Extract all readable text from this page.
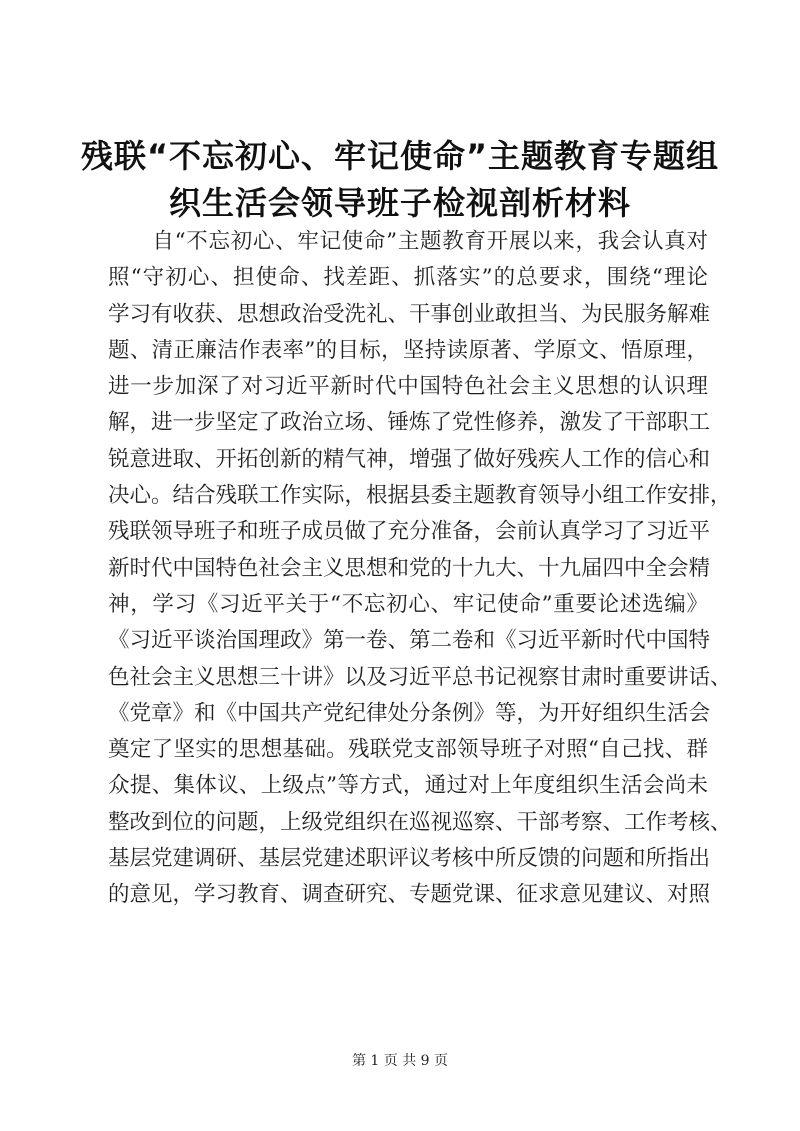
残联“不忘初心、牢记使命”主题教育专题组
织生活会领导班子检视剖析材料
　　自“不忘初心、牢记使命”主题教育开展以来，我会认真对
照“守初心、担使命、找差距、抓落实”的总要求，围绕“理论
学习有收获、思想政治受洗礼、干事创业敢担当、为民服务解难
题、清正廉洁作表率”的目标，坚持读原著、学原文、悟原理，
进一步加深了对习近平新时代中国特色社会主义思想的认识理
解，进一步坚定了政治立场、锤炼了党性修养，激发了干部职工
锐意进取、开拓创新的精气神，增强了做好残疾人工作的信心和
决心。结合残联工作实际，根据县委主题教育领导小组工作安排，
残联领导班子和班子成员做了充分准备，会前认真学习了习近平
新时代中国特色社会主义思想和党的十九大、十九届四中全会精
神，学习《习近平关于“不忘初心、牢记使命”重要论述选编》
《习近平谈治国理政》第一卷、第二卷和《习近平新时代中国特
色社会主义思想三十讲》以及习近平总书记视察甘肃时重要讲话、
《党章》和《中国共产党纪律处分条例》等，为开好组织生活会
奠定了坚实的思想基础。残联党支部领导班子对照“自己找、群
众提、集体议、上级点”等方式，通过对上年度组织生活会尚未
整改到位的问题，上级党组织在巡视巡察、干部考察、工作考核、
基层党建调研、基层党建述职评议考核中所反馈的问题和所指出
的意见，学习教育、调查研究、专题党课、征求意见建议、对照
第 1 页 共 9 页
